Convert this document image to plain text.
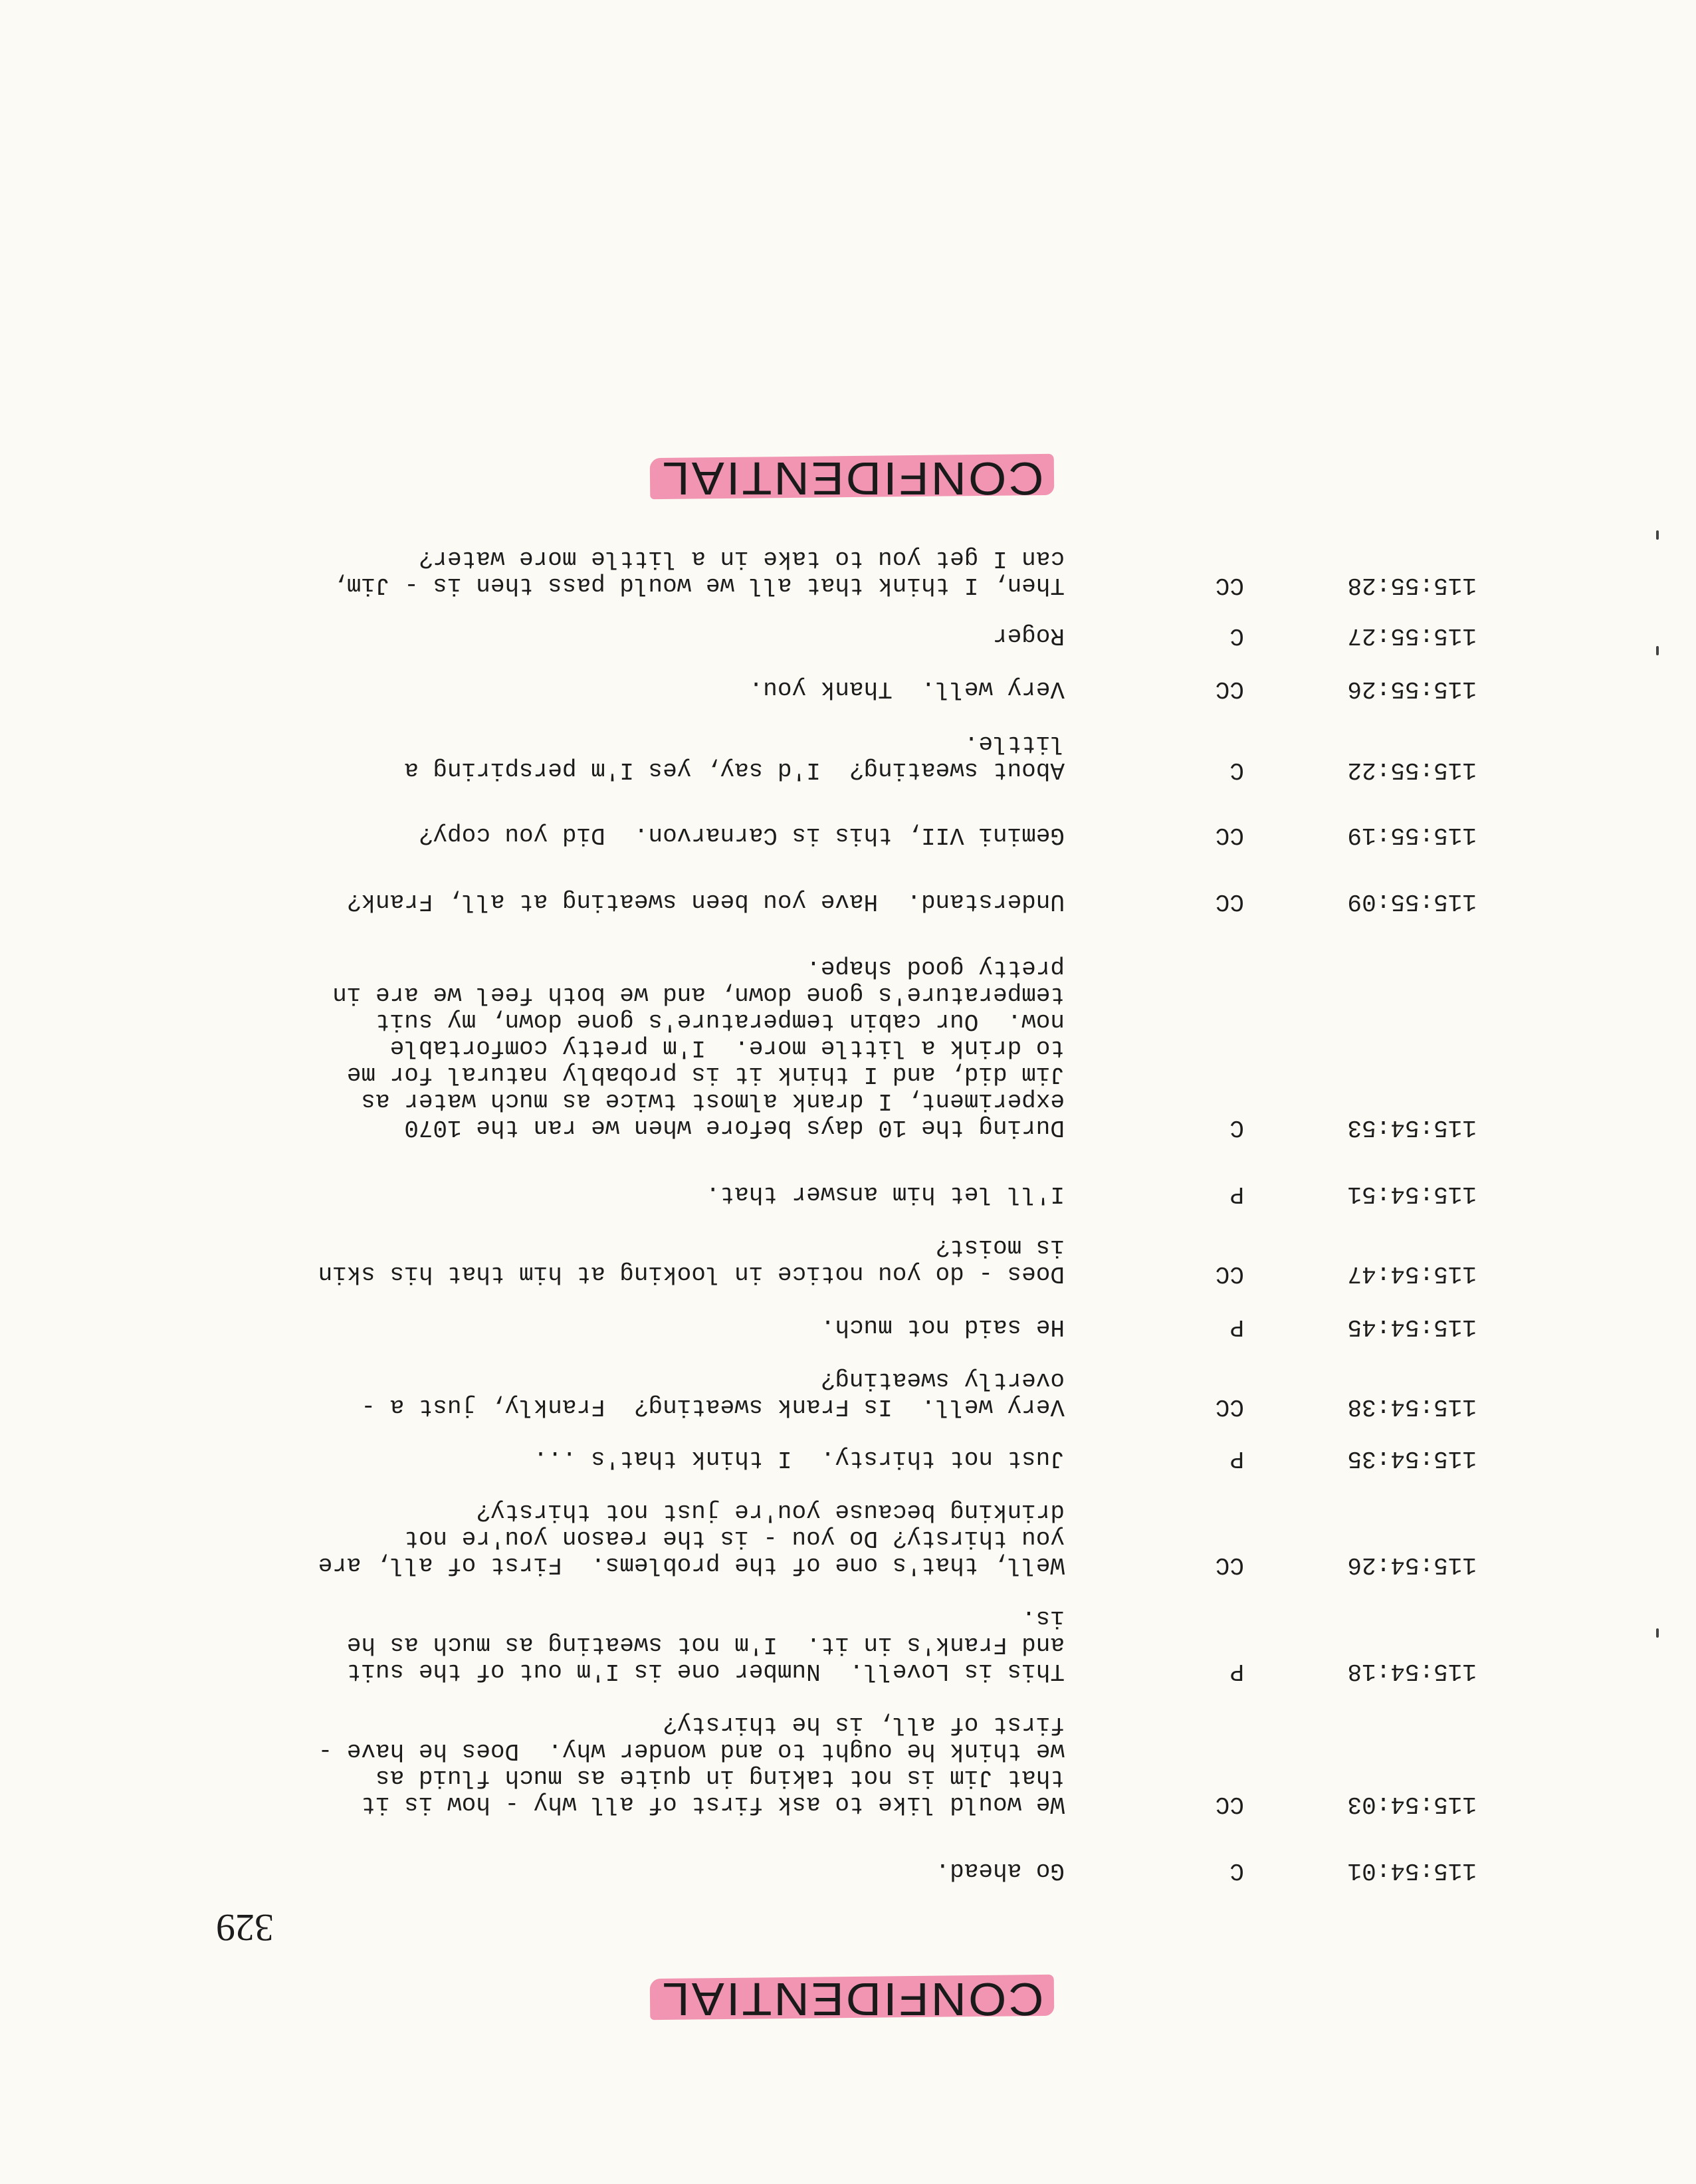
CONFIDENTIAL
329
115:54:01
C
Go ahead.
115:54:03
CC
We would like to ask first of all why - how is it
that Jim is not taking in quite as much fluid as
we think he ought to and wonder why.  Does he have -
first of all, is he thirsty?
115:54:18
P
This is Lovell.  Number one is I'm out of the suit
and Frank's in it.  I'm not sweating as much as he
is.
115:54:26
CC
Well, that's one of the problems.  First of all, are
you thirsty? Do you - is the reason you're not
drinking because you're just not thirsty?
115:54:35
P
Just not thirsty.  I think that's ...
115:54:38
CC
Very well.  Is Frank sweating?  Frankly, just a -
overtly sweating?
115:54:45
P
He said not much.
115:54:47
CC
Does - do you notice in looking at him that his skin
is moist?
115:54:51
P
I'll let him answer that.
115:54:53
C
During the 10 days before when we ran the 1070
experiment, I drank almost twice as much water as
Jim did, and I think it is probably natural for me
to drink a little more.  I'm pretty comfortable
now.  Our cabin temperature's gone down, my suit
temperature's gone down, and we both feel we are in
pretty good shape.
115:55:09
CC
Understand.  Have you been sweating at all, Frank?
115:55:19
CC
Gemini VII, this is Carnarvon.  Did you copy?
115:55:22
C
About sweating?  I'd say, yes I'm perspiring a
little.
115:55:26
CC
Very well.  Thank you.
115:55:27
C
Roger
115:55:28
CC
Then, I think that all we would pass then is - Jim,
can I get you to take in a little more water?
CONFIDENTIAL
